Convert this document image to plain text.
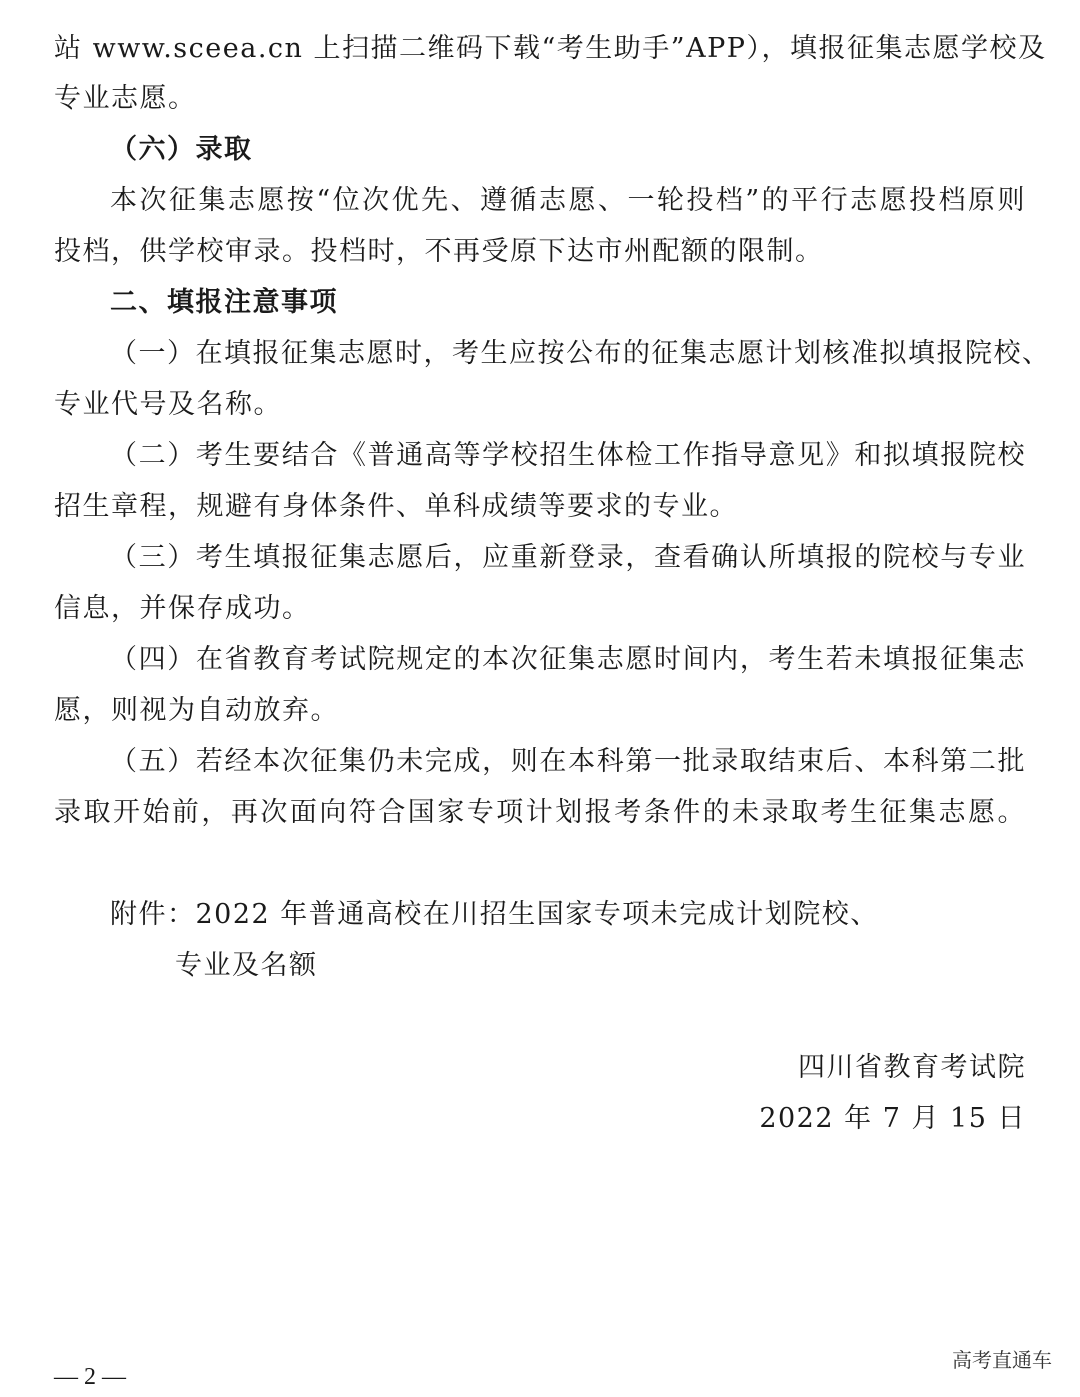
站 www.sceea.cn 上扫描二维码下载“考生助手”APP），填报征集志愿学校及
专业志愿。
（六）录取
本次征集志愿按“位次优先、遵循志愿、一轮投档”的平行志愿投档原则
投档，供学校审录。投档时，不再受原下达市州配额的限制。
二、填报注意事项
（一）在填报征集志愿时，考生应按公布的征集志愿计划核准拟填报院校、
专业代号及名称。
（二）考生要结合《普通高等学校招生体检工作指导意见》和拟填报院校
招生章程，规避有身体条件、单科成绩等要求的专业。
（三）考生填报征集志愿后，应重新登录，查看确认所填报的院校与专业
信息，并保存成功。
（四）在省教育考试院规定的本次征集志愿时间内，考生若未填报征集志
愿，则视为自动放弃。
（五）若经本次征集仍未完成，则在本科第一批录取结束后、本科第二批
录取开始前，再次面向符合国家专项计划报考条件的未录取考生征集志愿。
附件：2022 年普通高校在川招生国家专项未完成计划院校、
专业及名额
四川省教育考试院
2022 年 7 月 15 日
— 2 —
高考直通车
